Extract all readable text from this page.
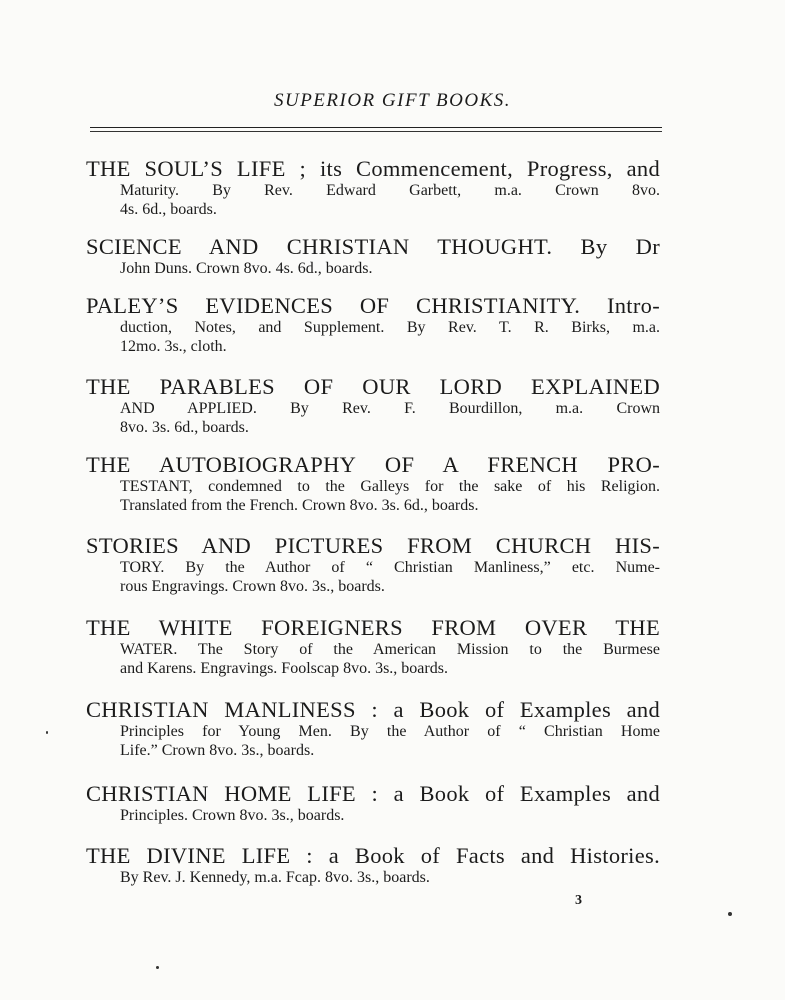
SUPERIOR GIFT BOOKS.
THE SOUL’S LIFE ; its Commencement, Progress, and
Maturity. By Rev. Edward Garbett, m.a. Crown 8vo.
4s. 6d., boards.
SCIENCE AND CHRISTIAN THOUGHT. By Dr
John Duns. Crown 8vo. 4s. 6d., boards.
PALEY’S EVIDENCES OF CHRISTIANITY. Intro-
duction, Notes, and Supplement. By Rev. T. R. Birks, m.a.
12mo. 3s., cloth.
THE PARABLES OF OUR LORD EXPLAINED
AND APPLIED. By Rev. F. Bourdillon, m.a. Crown
8vo. 3s. 6d., boards.
THE AUTOBIOGRAPHY OF A FRENCH PRO-
TESTANT, condemned to the Galleys for the sake of his Religion.
Translated from the French. Crown 8vo. 3s. 6d., boards.
STORIES AND PICTURES FROM CHURCH HIS-
TORY. By the Author of “ Christian Manliness,” etc. Nume-
rous Engravings. Crown 8vo. 3s., boards.
THE WHITE FOREIGNERS FROM OVER THE
WATER. The Story of the American Mission to the Burmese
and Karens. Engravings. Foolscap 8vo. 3s., boards.
CHRISTIAN MANLINESS : a Book of Examples and
Principles for Young Men. By the Author of “ Christian Home
Life.” Crown 8vo. 3s., boards.
CHRISTIAN HOME LIFE : a Book of Examples and
Principles. Crown 8vo. 3s., boards.
THE DIVINE LIFE : a Book of Facts and Histories.
By Rev. J. Kennedy, m.a. Fcap. 8vo. 3s., boards.
3
